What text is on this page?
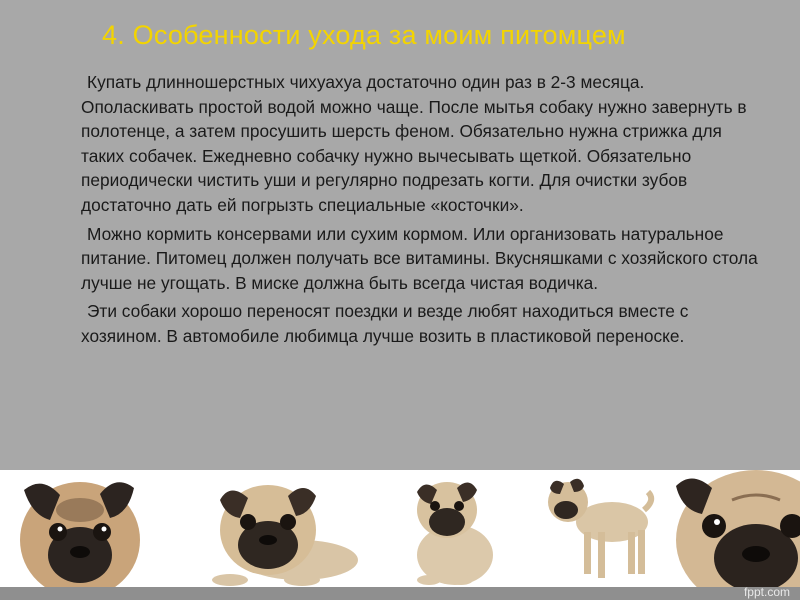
4. Особенности ухода за моим питомцем

Купать длинношерстных чихуахуа достаточно один раз в 2-3 месяца. Ополаскивать простой водой можно чаще. После мытья собаку нужно завернуть в полотенце, а затем просушить шерсть феном. Обязательно нужна стрижка для таких собачек. Ежедневно собачку нужно вычесывать щеткой. Обязательно периодически чистить уши и регулярно подрезать когти. Для очистки зубов достаточно дать ей погрызть специальные «косточки».

Можно кормить консервами или сухим кормом. Или организовать натуральное питание. Питомец должен получать все витамины. Вкусняшками с хозяйского стола лучше не угощать. В миске должна быть всегда чистая водичка.

Эти собаки хорошо переносят поездки и везде любят находиться вместе с хозяином. В автомобиле любимца лучше возить в пластиковой переноске.

fppt.com
